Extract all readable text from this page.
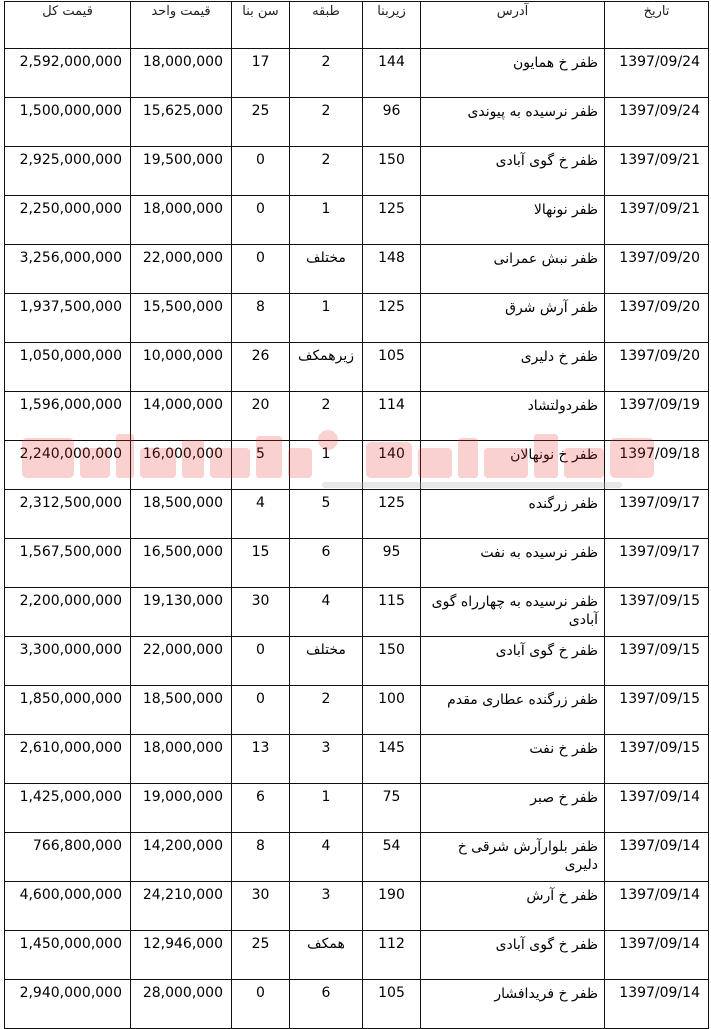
قیمت کل	قیمت واحد	سن بنا	طبقه	زیربنا	آدرس	تاریخ
2,592,000,000	18,000,000	17	2	144	ظفر خ همایون	1397/09/24
1,500,000,000	15,625,000	25	2	96	ظفر نرسیده به پیوندی	1397/09/24
2,925,000,000	19,500,000	0	2	150	ظفر خ گوی آبادی	1397/09/21
2,250,000,000	18,000,000	0	1	125	ظفر نونهالا	1397/09/21
3,256,000,000	22,000,000	0	مختلف	148	ظفر نبش عمرانی	1397/09/20
1,937,500,000	15,500,000	8	1	125	ظفر آرش شرق	1397/09/20
1,050,000,000	10,000,000	26	زیرهمکف	105	ظفر خ دلیری	1397/09/20
1,596,000,000	14,000,000	20	2	114	ظفردولتشاد	1397/09/19
2,240,000,000	16,000,000	5	1	140	ظفر خ نونهالان	1397/09/18
2,312,500,000	18,500,000	4	5	125	ظفر زرگنده	1397/09/17
1,567,500,000	16,500,000	15	6	95	ظفر نرسیده به نفت	1397/09/17
2,200,000,000	19,130,000	30	4	115	ظفر نرسیده به چهارراه گوی آبادی	1397/09/15
3,300,000,000	22,000,000	0	مختلف	150	ظفر خ گوی آبادی	1397/09/15
1,850,000,000	18,500,000	0	2	100	ظفر زرگنده عطاری مقدم	1397/09/15
2,610,000,000	18,000,000	13	3	145	ظفر خ نفت	1397/09/15
1,425,000,000	19,000,000	6	1	75	ظفر خ صبر	1397/09/14
766,800,000	14,200,000	8	4	54	ظفر بلوارآرش شرقی خ دلیری	1397/09/14
4,600,000,000	24,210,000	30	3	190	ظفر خ آرش	1397/09/14
1,450,000,000	12,946,000	25	همکف	112	ظفر خ گوی آبادی	1397/09/14
2,940,000,000	28,000,000	0	6	105	ظفر خ فریدافشار	1397/09/14
